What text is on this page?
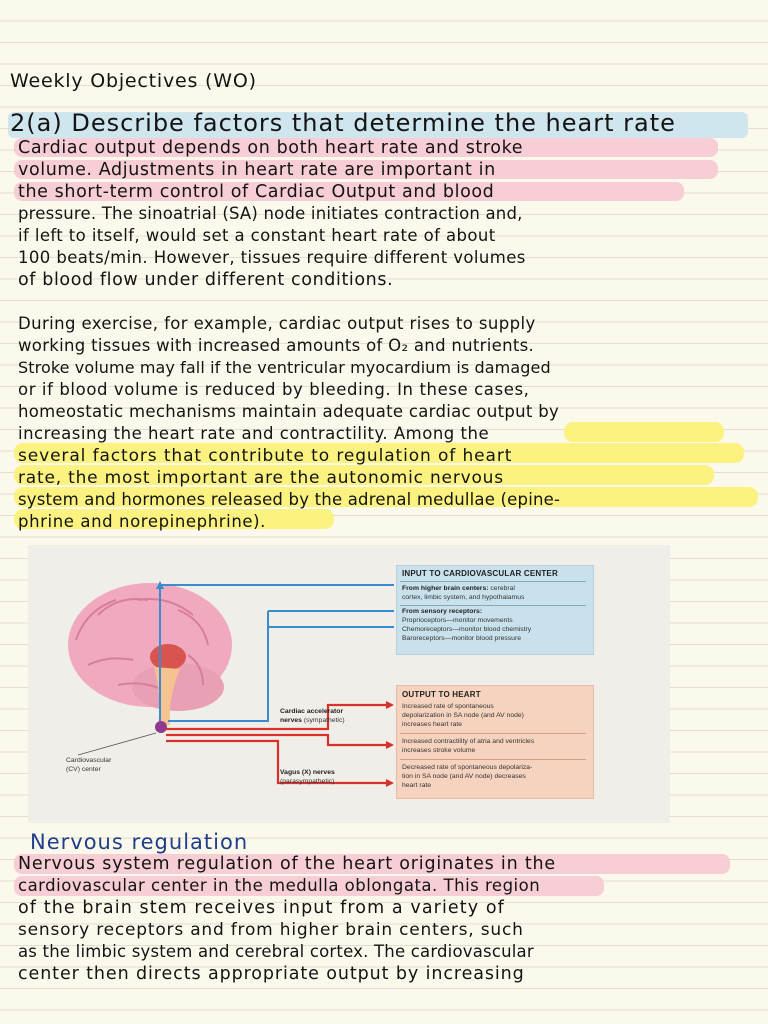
Weekly Objectives (WO)
2(a) Describe factors that determine the heart rate
Cardiac output depends on both heart rate and stroke
volume. Adjustments in heart rate are important in
the short-term control of Cardiac Output and blood
pressure. The sinoatrial (SA) node initiates contraction and,
if left to itself, would set a constant heart rate of about
100 beats/min. However, tissues require different volumes
of blood flow under different conditions.
During exercise, for example, cardiac output rises to supply
working tissues with increased amounts of O₂ and nutrients.
Stroke volume may fall if the ventricular myocardium is damaged
or if blood volume is reduced by bleeding. In these cases,
homeostatic mechanisms maintain adequate cardiac output by
increasing the heart rate and contractility. Among the
several factors that contribute to regulation of heart
rate, the most important are the autonomic nervous
system and hormones released by the adrenal medullae (epine-
phrine and norepinephrine).
INPUT TO CARDIOVASCULAR CENTER
From higher brain centers: cerebral
cortex, limbic system, and hypothalamus
From sensory receptors:
Proprioceptors—monitor movements
Chemoreceptors—monitor blood chemistry
Baroreceptors—monitor blood pressure
OUTPUT TO HEART
Increased rate of spontaneous
depolarization in SA node (and AV node)
increases heart rate
Increased contractility of atria and ventricles
increases stroke volume
Decreased rate of spontaneous depolariza-
tion in SA node (and AV node) decreases
heart rate
Cardiac accelerator
nerves (sympathetic)
Vagus (X) nerves
(parasympathetic)
Cardiovascular
(CV) center
Nervous regulation
Nervous system regulation of the heart originates in the
cardiovascular center in the medulla oblongata. This region
of the brain stem receives input from a variety of
sensory receptors and from higher brain centers, such
as the limbic system and cerebral cortex. The cardiovascular
center then directs appropriate output by increasing
